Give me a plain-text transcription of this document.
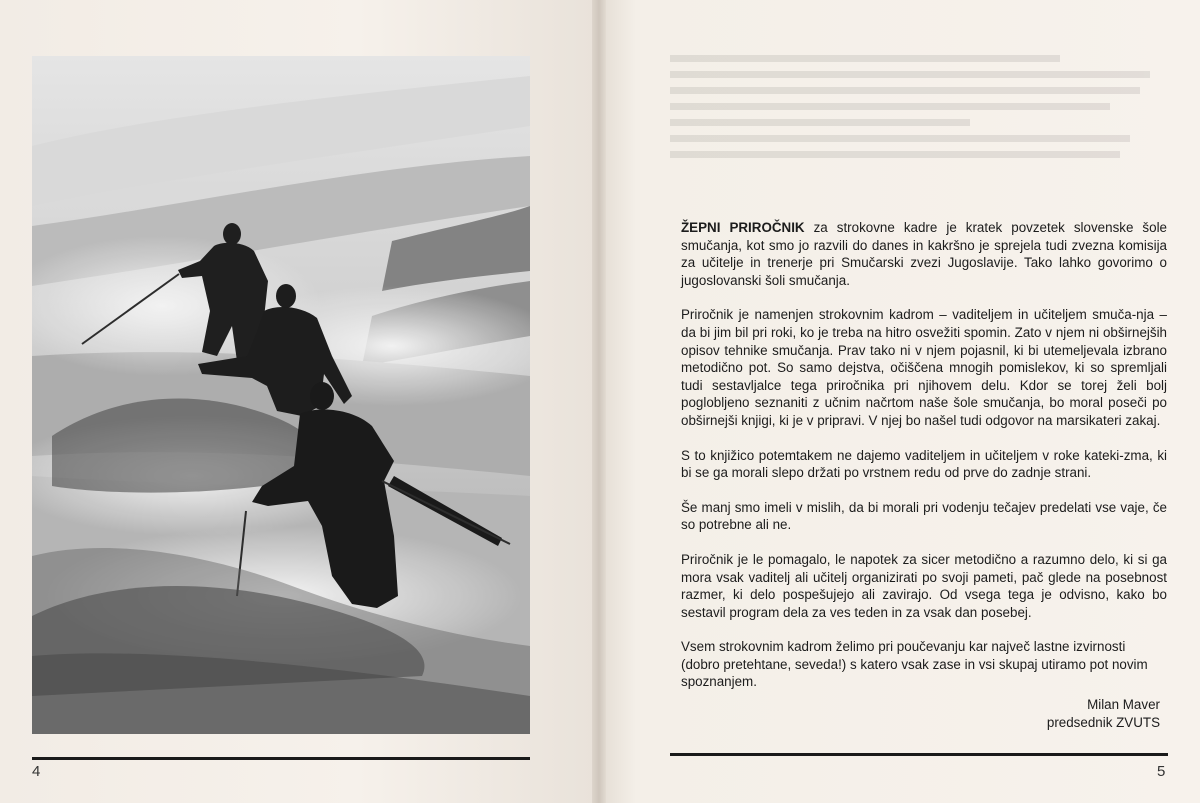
4

ŽEPNI PRIROČNIK za strokovne kadre je kratek povzetek slovenske šole smučanja, kot smo jo razvili do danes in kakršno je sprejela tudi zvezna komisija za učitelje in trenerje pri Smučarski zvezi Jugoslavije. Tako lahko govorimo o jugoslovanski šoli smučanja.

Priročnik je namenjen strokovnim kadrom – vaditeljem in učiteljem smuča-nja – da bi jim bil pri roki, ko je treba na hitro osvežiti spomin. Zato v njem ni obširnejših opisov tehnike smučanja. Prav tako ni v njem pojasnil, ki bi utemeljevala izbrano metodično pot. So samo dejstva, očiščena mnogih pomislekov, ki so spremljali tudi sestavljalce tega priročnika pri njihovem delu. Kdor se torej želi bolj poglobljeno seznaniti z učnim načrtom naše šole smučanja, bo moral poseči po obširnejši knjigi, ki je v pripravi. V njej bo našel tudi odgovor na marsikateri zakaj.

S to knjižico potemtakem ne dajemo vaditeljem in učiteljem v roke kateki-zma, ki bi se ga morali slepo držati po vrstnem redu od prve do zadnje strani.

Še manj smo imeli v mislih, da bi morali pri vodenju tečajev predelati vse vaje, če so potrebne ali ne.

Priročnik je le pomagalo, le napotek za sicer metodično a razumno delo, ki si ga mora vsak vaditelj ali učitelj organizirati po svoji pameti, pač glede na posebnost razmer, ki delo pospešujejo ali zavirajo. Od vsega tega je odvisno, kako bo sestavil program dela za ves teden in za vsak dan posebej.

Vsem strokovnim kadrom želimo pri poučevanju kar največ lastne izvirnosti (dobro pretehtane, seveda!) s katero vsak zase in vsi skupaj utiramo pot novim spoznanjem.

Milan Maver
predsednik ZVUTS
5
